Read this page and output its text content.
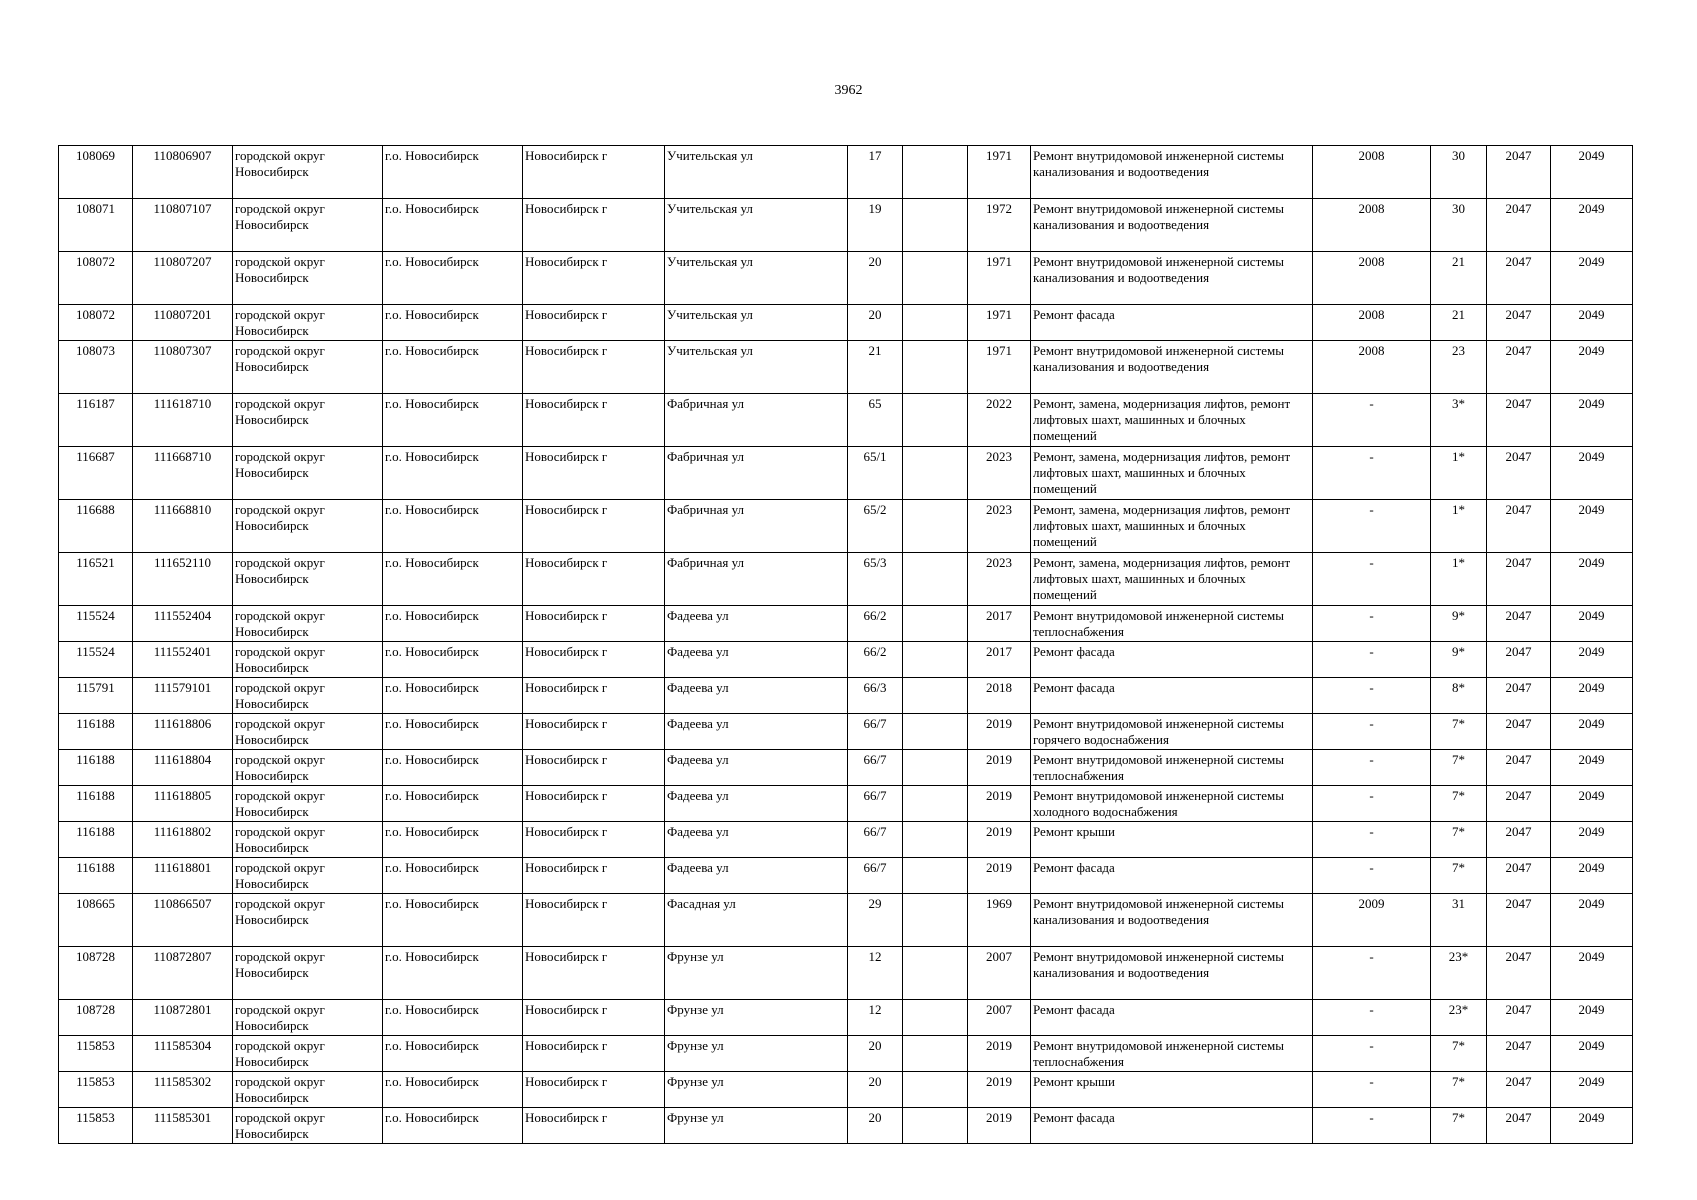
3962
108069	110806907	городской округ Новосибирск	г.о. Новосибирск	Новосибирск г	Учительская ул	17		1971	Ремонт внутридомовой инженерной системы канализования и водоотведения	2008	30	2047	2049
108071	110807107	городской округ Новосибирск	г.о. Новосибирск	Новосибирск г	Учительская ул	19		1972	Ремонт внутридомовой инженерной системы канализования и водоотведения	2008	30	2047	2049
108072	110807207	городской округ Новосибирск	г.о. Новосибирск	Новосибирск г	Учительская ул	20		1971	Ремонт внутридомовой инженерной системы канализования и водоотведения	2008	21	2047	2049
108072	110807201	городской округ Новосибирск	г.о. Новосибирск	Новосибирск г	Учительская ул	20		1971	Ремонт фасада	2008	21	2047	2049
108073	110807307	городской округ Новосибирск	г.о. Новосибирск	Новосибирск г	Учительская ул	21		1971	Ремонт внутридомовой инженерной системы канализования и водоотведения	2008	23	2047	2049
116187	111618710	городской округ Новосибирск	г.о. Новосибирск	Новосибирск г	Фабричная ул	65		2022	Ремонт, замена, модернизация лифтов, ремонт лифтовых шахт, машинных и блочных помещений	-	3*	2047	2049
116687	111668710	городской округ Новосибирск	г.о. Новосибирск	Новосибирск г	Фабричная ул	65/1		2023	Ремонт, замена, модернизация лифтов, ремонт лифтовых шахт, машинных и блочных помещений	-	1*	2047	2049
116688	111668810	городской округ Новосибирск	г.о. Новосибирск	Новосибирск г	Фабричная ул	65/2		2023	Ремонт, замена, модернизация лифтов, ремонт лифтовых шахт, машинных и блочных помещений	-	1*	2047	2049
116521	111652110	городской округ Новосибирск	г.о. Новосибирск	Новосибирск г	Фабричная ул	65/3		2023	Ремонт, замена, модернизация лифтов, ремонт лифтовых шахт, машинных и блочных помещений	-	1*	2047	2049
115524	111552404	городской округ Новосибирск	г.о. Новосибирск	Новосибирск г	Фадеева ул	66/2		2017	Ремонт внутридомовой инженерной системы теплоснабжения	-	9*	2047	2049
115524	111552401	городской округ Новосибирск	г.о. Новосибирск	Новосибирск г	Фадеева ул	66/2		2017	Ремонт фасада	-	9*	2047	2049
115791	111579101	городской округ Новосибирск	г.о. Новосибирск	Новосибирск г	Фадеева ул	66/3		2018	Ремонт фасада	-	8*	2047	2049
116188	111618806	городской округ Новосибирск	г.о. Новосибирск	Новосибирск г	Фадеева ул	66/7		2019	Ремонт внутридомовой инженерной системы горячего водоснабжения	-	7*	2047	2049
116188	111618804	городской округ Новосибирск	г.о. Новосибирск	Новосибирск г	Фадеева ул	66/7		2019	Ремонт внутридомовой инженерной системы теплоснабжения	-	7*	2047	2049
116188	111618805	городской округ Новосибирск	г.о. Новосибирск	Новосибирск г	Фадеева ул	66/7		2019	Ремонт внутридомовой инженерной системы холодного водоснабжения	-	7*	2047	2049
116188	111618802	городской округ Новосибирск	г.о. Новосибирск	Новосибирск г	Фадеева ул	66/7		2019	Ремонт крыши	-	7*	2047	2049
116188	111618801	городской округ Новосибирск	г.о. Новосибирск	Новосибирск г	Фадеева ул	66/7		2019	Ремонт фасада	-	7*	2047	2049
108665	110866507	городской округ Новосибирск	г.о. Новосибирск	Новосибирск г	Фасадная ул	29		1969	Ремонт внутридомовой инженерной системы канализования и водоотведения	2009	31	2047	2049
108728	110872807	городской округ Новосибирск	г.о. Новосибирск	Новосибирск г	Фрунзе ул	12		2007	Ремонт внутридомовой инженерной системы канализования и водоотведения	-	23*	2047	2049
108728	110872801	городской округ Новосибирск	г.о. Новосибирск	Новосибирск г	Фрунзе ул	12		2007	Ремонт фасада	-	23*	2047	2049
115853	111585304	городской округ Новосибирск	г.о. Новосибирск	Новосибирск г	Фрунзе ул	20		2019	Ремонт внутридомовой инженерной системы теплоснабжения	-	7*	2047	2049
115853	111585302	городской округ Новосибирск	г.о. Новосибирск	Новосибирск г	Фрунзе ул	20		2019	Ремонт крыши	-	7*	2047	2049
115853	111585301	городской округ Новосибирск	г.о. Новосибирск	Новосибирск г	Фрунзе ул	20		2019	Ремонт фасада	-	7*	2047	2049
